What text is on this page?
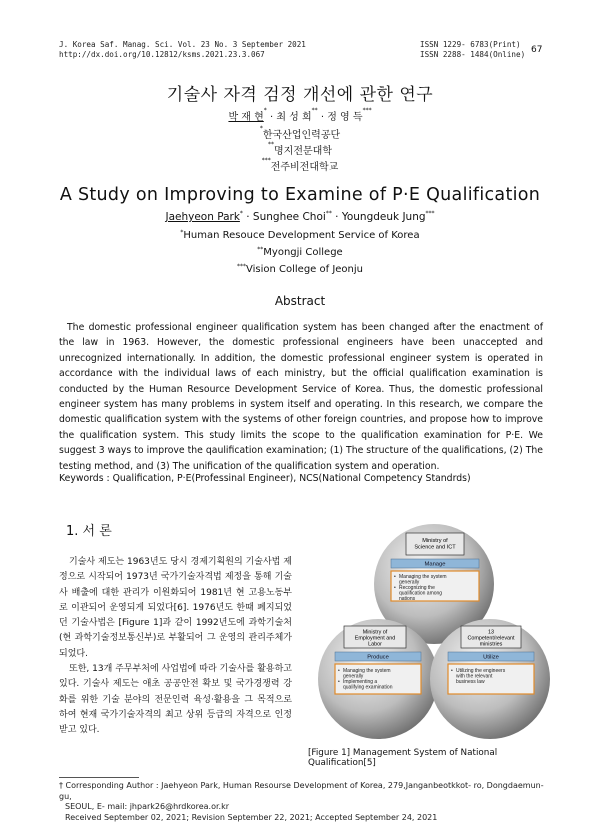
J. Korea Saf. Manag. Sci. Vol. 23 No. 3 September 2021
http://dx.doi.org/10.12812/ksms.2021.23.3.067
ISSN 1229- 6783(Print)
ISSN 2288- 1484(Online) 67
기술사 자격 검정 개선에 관한 연구
박 재 현* · 최 성 희** · 정 영 득***
*한국산업인력공단
**명지전문대학
***전주비전대학교
A Study on Improving to Examine of P·E Qualification
Jaehyeon Park* · Sunghee Choi** · Youngdeuk Jung***
*Human Resouce Development Service of Korea
**Myongji College
***Vision College of Jeonju
Abstract

The domestic professional engineer qualification system has been changed after the enactment of the law in 1963. However, the domestic professional engineers have been unaccepted and unrecognized internationally. In addition, the domestic professional engineer system is operated in accordance with the individual laws of each ministry, but the official qualification examination is conducted by the Human Resource Development Service of Korea. Thus, the domestic professional engineer system has many problems in system itself and operating. In this research, we compare the domestic qualification system with the systems of other foreign countries, and propose how to improve the qualification system. This study limits the scope to the qualification examination for P·E. We suggest 3 ways to improve the qaulification examination; (1) The structure of the qualifications, (2) The testing method, and (3) The unification of the qualification system and operation.

Keywords : Qualification, P·E(Professinal Engineer), NCS(National Competency Standrds)
1. 서 론

기술사 제도는 1963년도 당시 경제기획원의 기술사법 제정으로 시작되어 1973년 국가기술자격법 제정을 통해 기술사 배출에 대한 관리가 이원화되어 1981년 현 고용노동부로 이관되어 운영되게 되었다[6]. 1976년도 한때 폐지되었던 기술사법은 [Figure 1]과 같이 1992년도에 과학기술처(현 과학기술정보통신부)로 부활되어 그 운영의 관리주체가 되었다.

또한, 13개 주무부처에 사업법에 따라 기술사를 활용하고 있다. 기술사 제도는 애초 공공안전 확보 및 국가경쟁력 강화를 위한 기술 분야의 전문인력 육성·활용을 그 목적으로 하여 현재 국가기술자격의 최고 상위 등급의 자격으로 인정받고 있다.

Ministry of Science and ICT
Manage
• Managing the system generally • Recognizing the qualification among nations
Ministry of Employment and Labor
Produce
• Managing the system generally • Implementing a qualifying examination
13 Competent/relevant ministries
Utilize
• Utilizing the engineers with the relevant business law
[Figure 1] Management System of National Qualification[5]

† Corresponding Author : Jaehyeon Park, Human Resourse Development of Korea, 279,Janganbeotkkot- ro, Dongdaemun- gu,

SEOUL, E- mail: jhpark26@hrdkorea.or.kr

Received September 02, 2021; Revision September 22, 2021; Accepted September 24, 2021
